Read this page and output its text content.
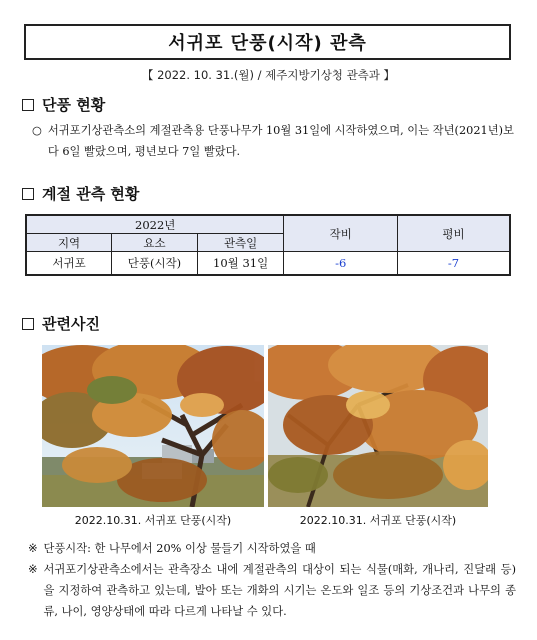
서귀포 단풍(시작) 관측
【 2022. 10. 31.(월) / 제주지방기상청 관측과 】
단풍 현황
○ 서귀포기상관측소의 계절관측용 단풍나무가 10월 31일에 시작하였으며, 이는 작년(2021년)보다 6일 빨랐으며, 평년보다 7일 빨랐다.
계절 관측 현황
2022년			작비	평비
지역	요소	관측일		
서귀포	단풍(시작)	10월 31일	-6	-7
관련사진
2022.10.31. 서귀포 단풍(시작)	2022.10.31. 서귀포 단풍(시작)
※ 단풍시작: 한 나무에서 20% 이상 물들기 시작하였을 때
※ 서귀포기상관측소에서는 관측장소 내에 계절관측의 대상이 되는 식물(매화, 개나리, 진달래 등)을 지정하여 관측하고 있는데, 발아 또는 개화의 시기는 온도와 일조 등의 기상조건과 나무의 종류, 나이, 영양상태에 따라 다르게 나타날 수 있다.
